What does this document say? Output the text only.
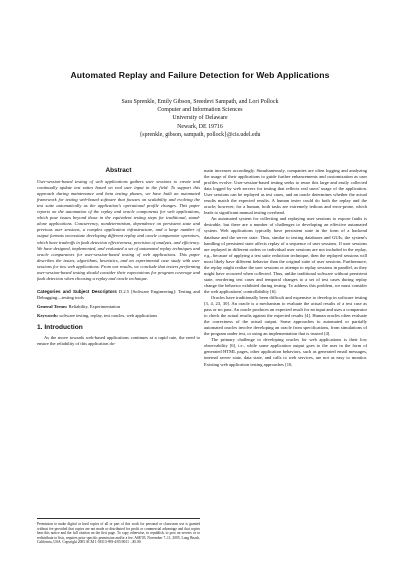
Automated Replay and Failure Detection for Web Applications
Sara Sprenkle, Emily Gibson, Sreedevi Sampath, and Lori Pollock
Computer and Information Sciences
University of Delaware
Newark, DE 19716
{sprenkle, gibson, sampath, pollock}@cis.udel.edu
Abstract

User-session-based testing of web applications gathers user sessions to create and continually update test suites based on real user input in the field. To support this approach during maintenance and beta testing phases, we have built an automated framework for testing web-based software that focuses on scalability and evolving the test suite automatically as the application's operational profile changes. This paper reports on the automation of the replay and oracle components for web applications, which pose issues beyond those in the equivalent testing steps for traditional, stand-alone applications. Concurrency, nondeterminism, dependence on persistent state and previous user sessions, a complex application infrastructure, and a large number of output formats necessitate developing different replay and oracle comparator operators, which have tradeoffs in fault detection effectiveness, precision of analysis, and efficiency. We have designed, implemented, and evaluated a set of automated replay techniques and oracle comparators for user-session-based testing of web applications. This paper describes the issues, algorithms, heuristics, and an experimental case study with user sessions for two web applications. From our results, we conclude that testers performing user-session-based testing should consider their expectations for program coverage and fault detection when choosing a replay and oracle technique.

Categories and Subject Descriptors D.2.5 [Software Engineering]: Testing and Debugging—testing tools
General Terms: Reliability, Experimentation
Keywords: software testing, replay, test oracles, web applications
1. Introduction

As the move towards web-based applications continues at a rapid rate, the need to ensure the reliability of this application do-

Permission to make digital or hard copies of all or part of this work for personal or classroom use is granted without fee provided that copies are not made or distributed for profit or commercial advantage and that copies bear this notice and the full citation on the first page. To copy otherwise, to republish, to post on servers or to redistribute to lists, requires prior specific permission and/or a fee. ASE'05, November 7–11, 2005, Long Beach, California, USA. Copyright 2005 ACM 1-58113-993-4/05/0011 ...$5.00.

main increases accordingly. Simultaneously, companies are often logging and analyzing the usage of their applications to guide further enhancements and customization as user profiles evolve. User-session-based testing seeks to reuse this large and easily collected data logged by web servers for testing that reflects real users' usage of the application. User sessions can be replayed as test cases, and an oracle determines whether the actual results match the expected results. A human tester could do both the replay and the oracle; however, for a human, both tasks are extremely tedious and error-prone, which leads to significant manual testing overhead.

An automated system for collecting and replaying user sessions to expose faults is desirable, but there are a number of challenges to developing an effective automated system. Web applications typically have persistent state in the form of a backend database and the server state. Thus, similar to testing databases and GUIs, the system's handling of persistent state affects replay of a sequence of user sessions. If user sessions are replayed in different orders or individual user sessions are not included in the replay, e.g., because of applying a test suite reduction technique, then the replayed sessions will most likely have different behavior than the original suite of user sessions. Furthermore, the replay might realize the user sessions or attempt to replay sessions in parallel, as they might have occurred when collected. Thus, unlike traditional software without persistent state, reordering test cases and temporal changes to a set of test cases during replay change the behavior exhibited during testing. To address this problem, we must consider the web applications' controllability [6].

Oracles have traditionally been difficult and expensive to develop in software testing [3, 4, 23, 30]. An oracle is a mechanism to evaluate the actual results of a test case as pass or no pass. An oracle produces an expected result for an input and uses a comparator to check the actual results against the expected results [4]. Human oracles often evaluate the correctness of the actual output. Some approaches to automated or partially automated oracles involve developing an oracle from specifications, from simulations of the program under test, or using an implementation that is trusted [4].

The primary challenge to developing oracles for web applications is their low observability [6], i.e., while some application output goes to the user in the form of generated HTML pages, other application behaviors, such as generated email messages, internal server state, data state, and calls to web services, are not as easy to monitor. Existing web application testing approaches [10,
